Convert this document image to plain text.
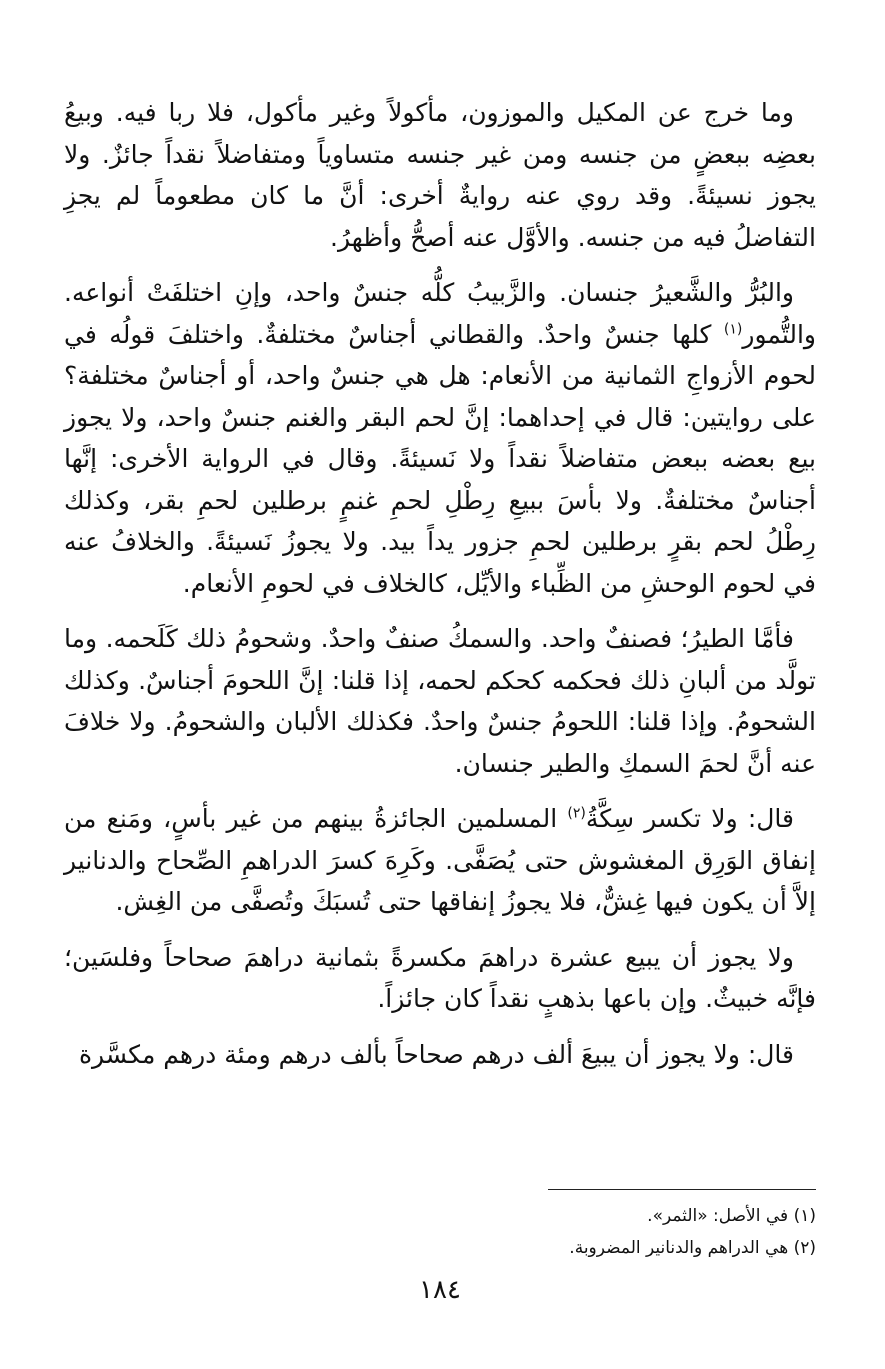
وما خرج عن المكيل والموزون، مأكولاً وغير مأكول، فلا ربا فيه. وبيعُ بعضِه ببعضٍ من جنسه ومن غير جنسه متساوياً ومتفاضلاً نقداً جائزٌ. ولا يجوز نسيئةً. وقد روي عنه روايةٌ أخرى: أنَّ ما كان مطعوماً لم يجزِ التفاضلُ فيه من جنسه. والأوَّل عنه أصحُّ وأظهرُ.

والبُرُّ والشَّعيرُ جنسان. والزَّبيبُ كلُّه جنسٌ واحد، وإنِ اختلفَتْ أنواعه. والتُّمور$^{(١)}$ كلها جنسٌ واحدٌ. والقطاني أجناسٌ مختلفةٌ. واختلفَ قولُه في لحوم الأزواجِ الثمانية من الأنعام: هل هي جنسٌ واحد، أو أجناسٌ مختلفة؟ على روايتين: قال في إحداهما: إنَّ لحم البقر والغنم جنسٌ واحد، ولا يجوز بيع بعضه ببعض متفاضلاً نقداً ولا نَسيئةً. وقال في الرواية الأخرى: إنَّها أجناسٌ مختلفةٌ. ولا بأسَ ببيعِ رِطْلِ لحمِ غنمٍ برطلين لحمِ بقر، وكذلك رِطْلُ لحم بقرٍ برطلين لحمِ جزور يداً بيد. ولا يجوزُ نَسيئةً. والخلافُ عنه في لحوم الوحشِ من الظِّباء والأيِّل، كالخلاف في لحومِ الأنعام.

فأمَّا الطيرُ؛ فصنفٌ واحد. والسمكُ صنفٌ واحدٌ. وشحومُ ذلك كَلَحمه. وما تولَّد من ألبانِ ذلك فحكمه كحكم لحمه، إذا قلنا: إنَّ اللحومَ أجناسٌ. وكذلك الشحومُ. وإذا قلنا: اللحومُ جنسٌ واحدٌ. فكذلك الألبان والشحومُ. ولا خلافَ عنه أنَّ لحمَ السمكِ والطير جنسان.

قال: ولا تكسر سِكَّةُ$^{(٢)}$ المسلمين الجائزةُ بينهم من غير بأسٍ، ومَنع من إنفاق الوَرِق المغشوش حتى يُصَفَّى. وكَرِهَ كسرَ الدراهمِ الصِّحاح والدنانير إلاَّ أن يكون فيها غِشٌّ، فلا يجوزُ إنفاقها حتى تُسبَكَ وتُصفَّى من الغِش.

ولا يجوز أن يبيع عشرة دراهمَ مكسرةً بثمانية دراهمَ صحاحاً وفلسَين؛ فإنَّه خبيثٌ. وإن باعها بذهبٍ نقداً كان جائزاً.

قال: ولا يجوز أن يبيعَ ألف درهم صحاحاً بألف درهم ومئة درهم مكسَّرة

(١) في الأصل: «الثمر».
(٢) هي الدراهم والدنانير المضروبة.
١٨٤
